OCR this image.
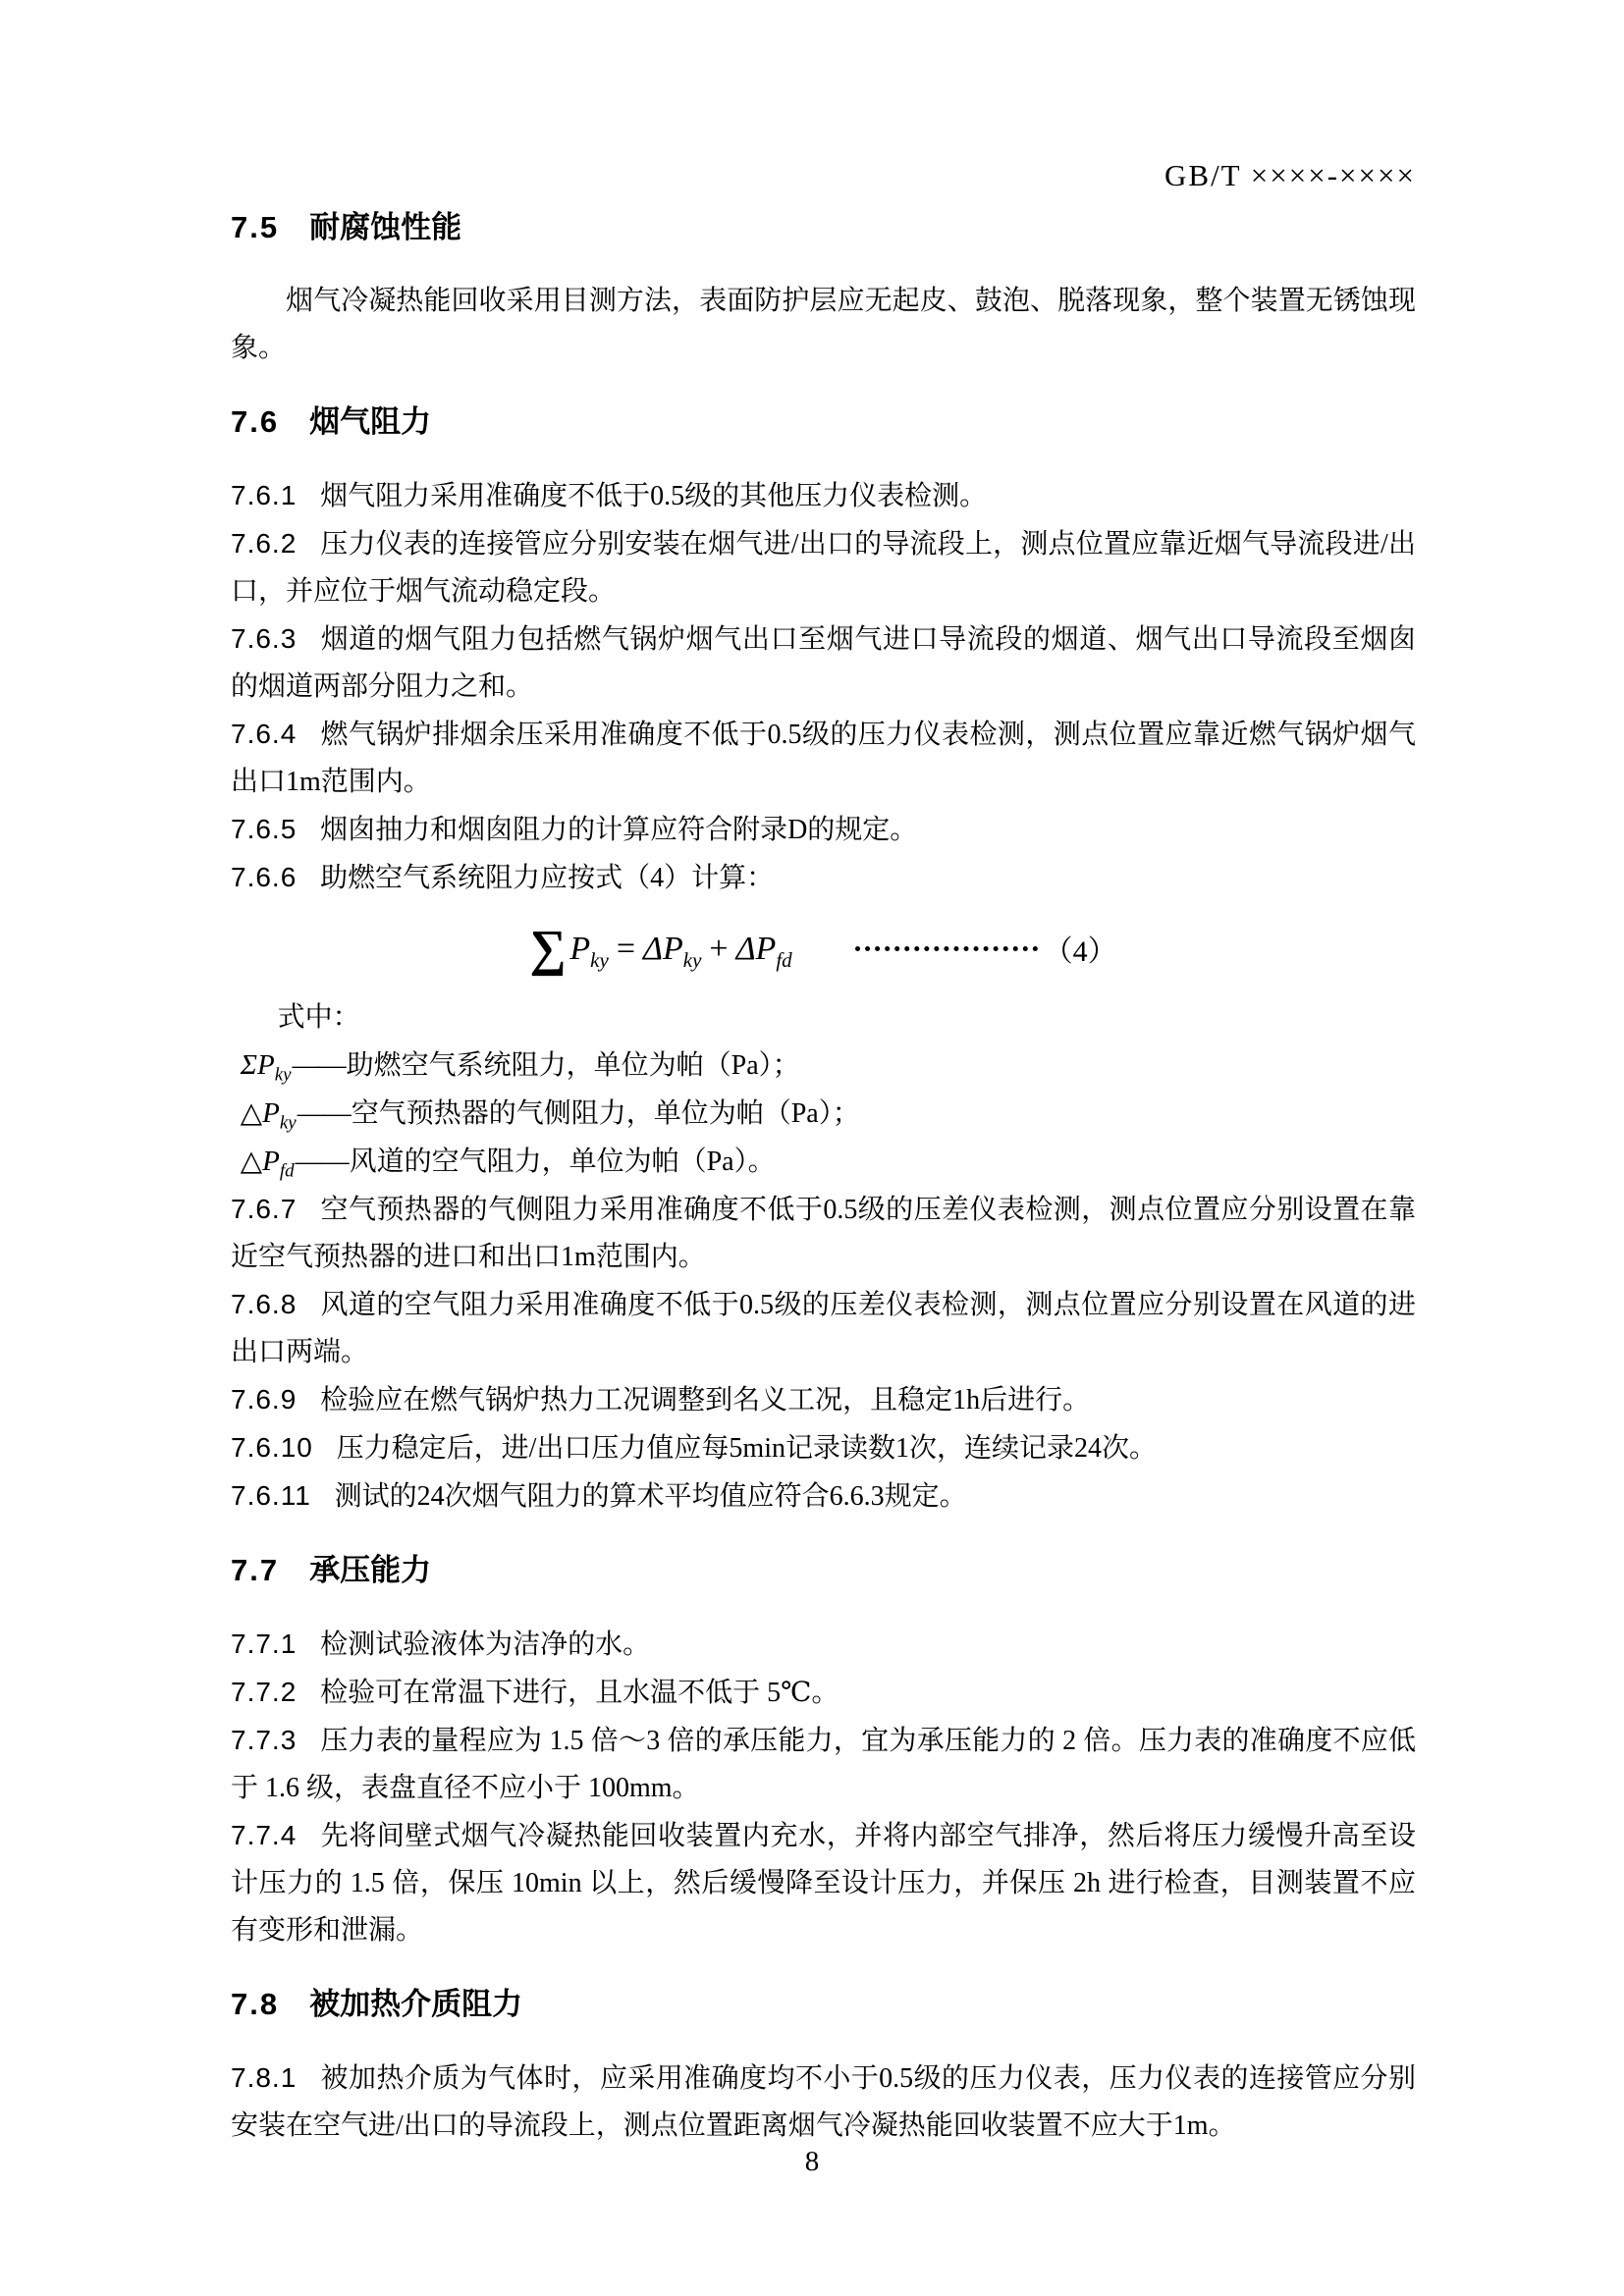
GB/T ××××-××××
7.5 耐腐蚀性能

烟气冷凝热能回收采用目测方法，表面防护层应无起皮、鼓泡、脱落现象，整个装置无锈蚀现象。

7.6 烟气阻力

7.6.1 烟气阻力采用准确度不低于0.5级的其他压力仪表检测。

7.6.2 压力仪表的连接管应分别安装在烟气进/出口的导流段上，测点位置应靠近烟气导流段进/出口，并应位于烟气流动稳定段。

7.6.3 烟道的烟气阻力包括燃气锅炉烟气出口至烟气进口导流段的烟道、烟气出口导流段至烟囱的烟道两部分阻力之和。

7.6.4 燃气锅炉排烟余压采用准确度不低于0.5级的压力仪表检测，测点位置应靠近燃气锅炉烟气出口1m范围内。

7.6.5 烟囱抽力和烟囱阻力的计算应符合附录D的规定。

7.6.6 助燃空气系统阻力应按式（4）计算：

∑ $P_{ky} = \Delta P_{ky} + \Delta P_{fd}$	（4）

式中：

$\Sigma P_{ky}——$助燃空气系统阻力，单位为帕（Pa）；

$\triangle P_{ky}——$空气预热器的气侧阻力，单位为帕（Pa）；

$\triangle P_{fd}——$风道的空气阻力，单位为帕（Pa）。

7.6.7 空气预热器的气侧阻力采用准确度不低于0.5级的压差仪表检测，测点位置应分别设置在靠近空气预热器的进口和出口1m范围内。

7.6.8 风道的空气阻力采用准确度不低于0.5级的压差仪表检测，测点位置应分别设置在风道的进出口两端。

7.6.9 检验应在燃气锅炉热力工况调整到名义工况，且稳定1h后进行。

7.6.10 压力稳定后，进/出口压力值应每5min记录读数1次，连续记录24次。

7.6.11 测试的24次烟气阻力的算术平均值应符合6.6.3规定。

7.7 承压能力

7.7.1 检测试验液体为洁净的水。

7.7.2 检验可在常温下进行，且水温不低于 5℃。

7.7.3 压力表的量程应为 1.5 倍～3 倍的承压能力，宜为承压能力的 2 倍。压力表的准确度不应低于 1.6 级，表盘直径不应小于 100mm。

7.7.4 先将间壁式烟气冷凝热能回收装置内充水，并将内部空气排净，然后将压力缓慢升高至设计压力的 1.5 倍，保压 10min 以上，然后缓慢降至设计压力，并保压 2h 进行检查，目测装置不应有变形和泄漏。

7.8 被加热介质阻力

7.8.1 被加热介质为气体时，应采用准确度均不小于0.5级的压力仪表，压力仪表的连接管应分别安装在空气进/出口的导流段上，测点位置距离烟气冷凝热能回收装置不应大于1m。

8
